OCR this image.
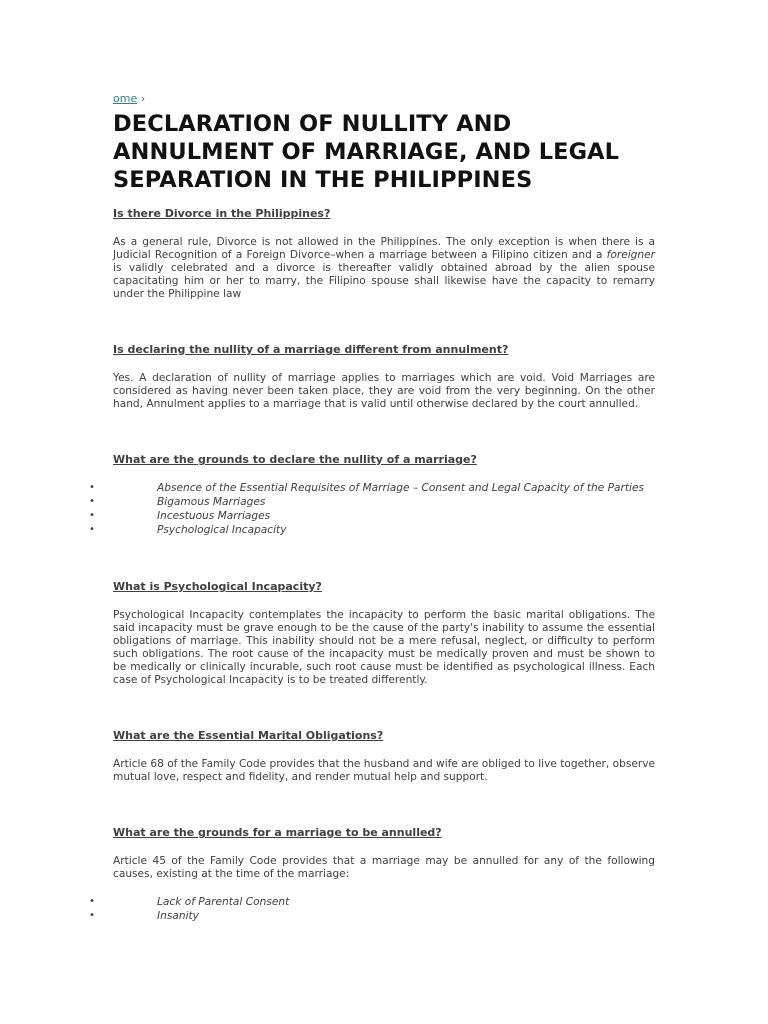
ome ›
DECLARATION OF NULLITY AND ANNULMENT OF MARRIAGE, AND LEGAL SEPARATION IN THE PHILIPPINES

Is there Divorce in the Philippines?

As a general rule, Divorce is not allowed in the Philippines. The only exception is when there is a Judicial Recognition of a Foreign Divorce–when a marriage between a Filipino citizen and a foreigner is validly celebrated and a divorce is thereafter validly obtained abroad by the alien spouse capacitating him or her to marry, the Filipino spouse shall likewise have the capacity to remarry under the Philippine law

Is declaring the nullity of a marriage different from annulment?

Yes. A declaration of nullity of marriage applies to marriages which are void. Void Marriages are considered as having never been taken place, they are void from the very beginning. On the other hand, Annulment applies to a marriage that is valid until otherwise declared by the court annulled.

What are the grounds to declare the nullity of a marriage?

•	Absence of the Essential Requisites of Marriage – Consent and Legal Capacity of the Parties
•	Bigamous Marriages
•	Incestuous Marriages
•	Psychological Incapacity

What is Psychological Incapacity?

Psychological Incapacity contemplates the incapacity to perform the basic marital obligations. The said incapacity must be grave enough to be the cause of the party's inability to assume the essential obligations of marriage. This inability should not be a mere refusal, neglect, or difficulty to perform such obligations. The root cause of the incapacity must be medically proven and must be shown to be medically or clinically incurable, such root cause must be identified as psychological illness. Each case of Psychological Incapacity is to be treated differently.

What are the Essential Marital Obligations?

Article 68 of the Family Code provides that the husband and wife are obliged to live together, observe mutual love, respect and fidelity, and render mutual help and support.

What are the grounds for a marriage to be annulled?

Article 45 of the Family Code provides that a marriage may be annulled for any of the following causes, existing at the time of the marriage:

•	Lack of Parental Consent
•	Insanity
